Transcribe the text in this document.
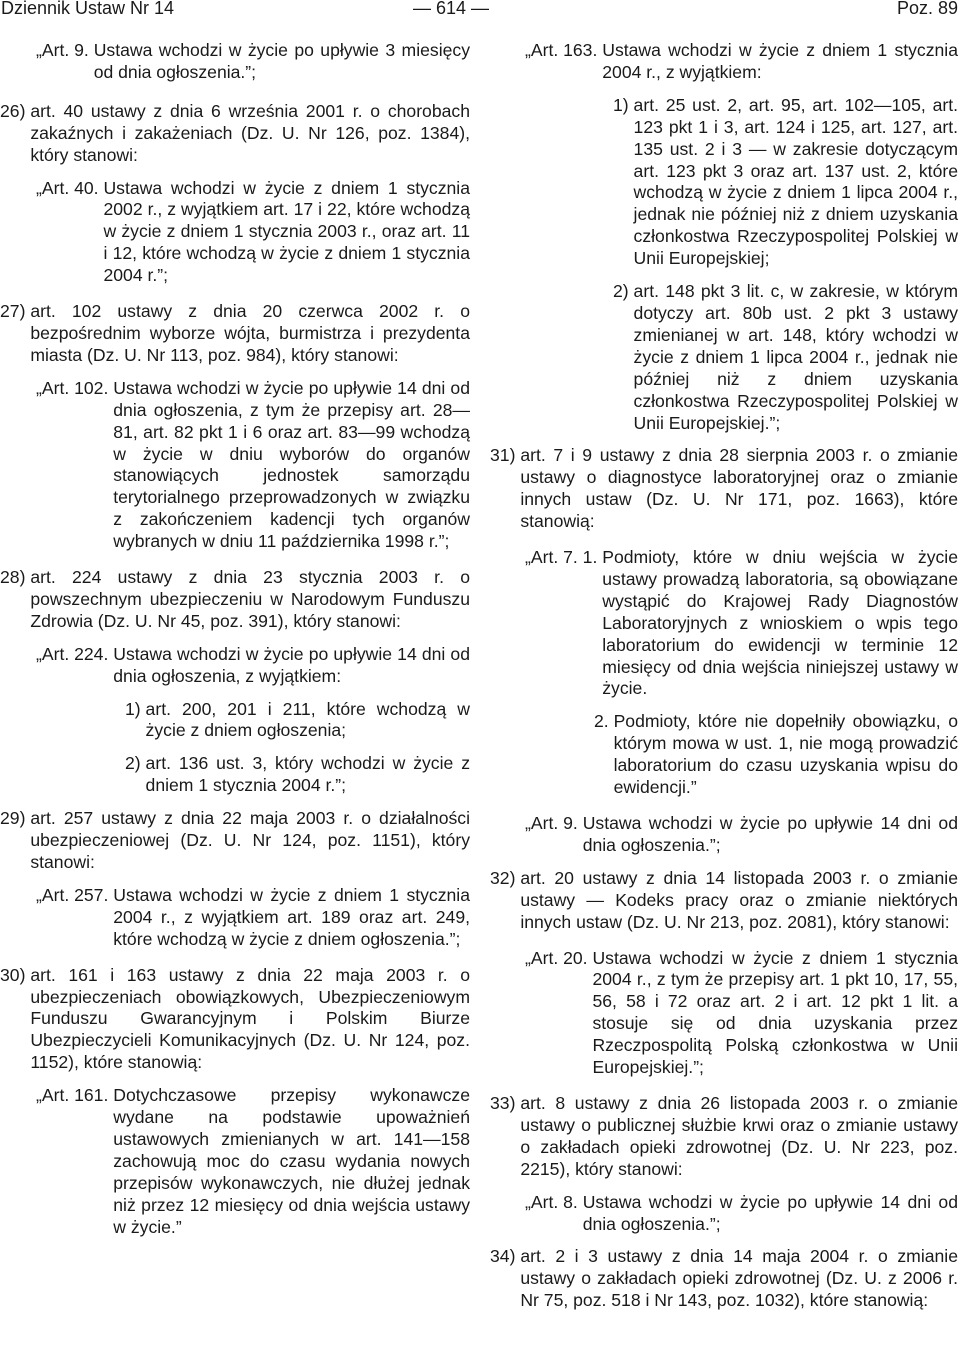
Dziennik Ustaw Nr 14	— 614 —	Poz. 89
„Art. 9. Ustawa wchodzi w życie po upływie 3 miesięcy od dnia ogłoszenia.”;
26) art. 40 ustawy z dnia 6 września 2001 r. o chorobach zakaźnych i zakażeniach (Dz. U. Nr 126, poz. 1384), który stanowi:
„Art. 40. Ustawa wchodzi w życie z dniem 1 stycznia 2002 r., z wyjątkiem art. 17 i 22, które wchodzą w życie z dniem 1 stycznia 2003 r., oraz art. 11 i 12, które wchodzą w życie z dniem 1 stycznia 2004 r.”;
27) art. 102 ustawy z dnia 20 czerwca 2002 r. o bezpośrednim wyborze wójta, burmistrza i prezydenta miasta (Dz. U. Nr 113, poz. 984), który stanowi:
„Art. 102. Ustawa wchodzi w życie po upływie 14 dni od dnia ogłoszenia, z tym że przepisy art. 28—81, art. 82 pkt 1 i 6 oraz art. 83—99 wchodzą w życie w dniu wyborów do organów stanowiących jednostek samorządu terytorialnego przeprowadzonych w związku z zakończeniem kadencji tych organów wybranych w dniu 11 października 1998 r.”;
28) art. 224 ustawy z dnia 23 stycznia 2003 r. o powszechnym ubezpieczeniu w Narodowym Funduszu Zdrowia (Dz. U. Nr 45, poz. 391), który stanowi:
„Art. 224. Ustawa wchodzi w życie po upływie 14 dni od dnia ogłoszenia, z wyjątkiem:
1) art. 200, 201 i 211, które wchodzą w życie z dniem ogłoszenia;
2) art. 136 ust. 3, który wchodzi w życie z dniem 1 stycznia 2004 r.”;
29) art. 257 ustawy z dnia 22 maja 2003 r. o działalności ubezpieczeniowej (Dz. U. Nr 124, poz. 1151), który stanowi:
„Art. 257. Ustawa wchodzi w życie z dniem 1 stycznia 2004 r., z wyjątkiem art. 189 oraz art. 249, które wchodzą w życie z dniem ogłoszenia.”;
30) art. 161 i 163 ustawy z dnia 22 maja 2003 r. o ubezpieczeniach obowiązkowych, Ubezpieczeniowym Funduszu Gwarancyjnym i Polskim Biurze Ubezpieczycieli Komunikacyjnych (Dz. U. Nr 124, poz. 1152), które stanowią:
„Art. 161. Dotychczasowe przepisy wykonawcze wydane na podstawie upoważnień ustawowych zmienianych w art. 141—158 zachowują moc do czasu wydania nowych przepisów wykonawczych, nie dłużej jednak niż przez 12 miesięcy od dnia wejścia ustawy w życie.”
„Art. 163. Ustawa wchodzi w życie z dniem 1 stycznia 2004 r., z wyjątkiem:
1) art. 25 ust. 2, art. 95, art. 102—105, art. 123 pkt 1 i 3, art. 124 i 125, art. 127, art. 135 ust. 2 i 3 — w zakresie dotyczącym art. 123 pkt 3 oraz art. 137 ust. 2, które wchodzą w życie z dniem 1 lipca 2004 r., jednak nie później niż z dniem uzyskania członkostwa Rzeczypospolitej Polskiej w Unii Europejskiej;
2) art. 148 pkt 3 lit. c, w zakresie, w którym dotyczy art. 80b ust. 2 pkt 3 ustawy zmienianej w art. 148, który wchodzi w życie z dniem 1 lipca 2004 r., jednak nie później niż z dniem uzyskania członkostwa Rzeczypospolitej Polskiej w Unii Europejskiej.”;
31) art. 7 i 9 ustawy z dnia 28 sierpnia 2003 r. o zmianie ustawy o diagnostyce laboratoryjnej oraz o zmianie innych ustaw (Dz. U. Nr 171, poz. 1663), które stanowią:
„Art. 7. 1. Podmioty, które w dniu wejścia w życie ustawy prowadzą laboratoria, są obowiązane wystąpić do Krajowej Rady Diagnostów Laboratoryjnych z wnioskiem o wpis tego laboratorium do ewidencji w terminie 12 miesięcy od dnia wejścia niniejszej ustawy w życie.
2. Podmioty, które nie dopełniły obowiązku, o którym mowa w ust. 1, nie mogą prowadzić laboratorium do czasu uzyskania wpisu do ewidencji.”
„Art. 9. Ustawa wchodzi w życie po upływie 14 dni od dnia ogłoszenia.”;
32) art. 20 ustawy z dnia 14 listopada 2003 r. o zmianie ustawy — Kodeks pracy oraz o zmianie niektórych innych ustaw (Dz. U. Nr 213, poz. 2081), który stanowi:
„Art. 20. Ustawa wchodzi w życie z dniem 1 stycznia 2004 r., z tym że przepisy art. 1 pkt 10, 17, 55, 56, 58 i 72 oraz art. 2 i art. 12 pkt 1 lit. a stosuje się od dnia uzyskania przez Rzeczpospolitą Polską członkostwa w Unii Europejskiej.”;
33) art. 8 ustawy z dnia 26 listopada 2003 r. o zmianie ustawy o publicznej służbie krwi oraz o zmianie ustawy o zakładach opieki zdrowotnej (Dz. U. Nr 223, poz. 2215), który stanowi:
„Art. 8. Ustawa wchodzi w życie po upływie 14 dni od dnia ogłoszenia.”;
34) art. 2 i 3 ustawy z dnia 14 maja 2004 r. o zmianie ustawy o zakładach opieki zdrowotnej (Dz. U. z 2006 r. Nr 75, poz. 518 i Nr 143, poz. 1032), które stanowią:
